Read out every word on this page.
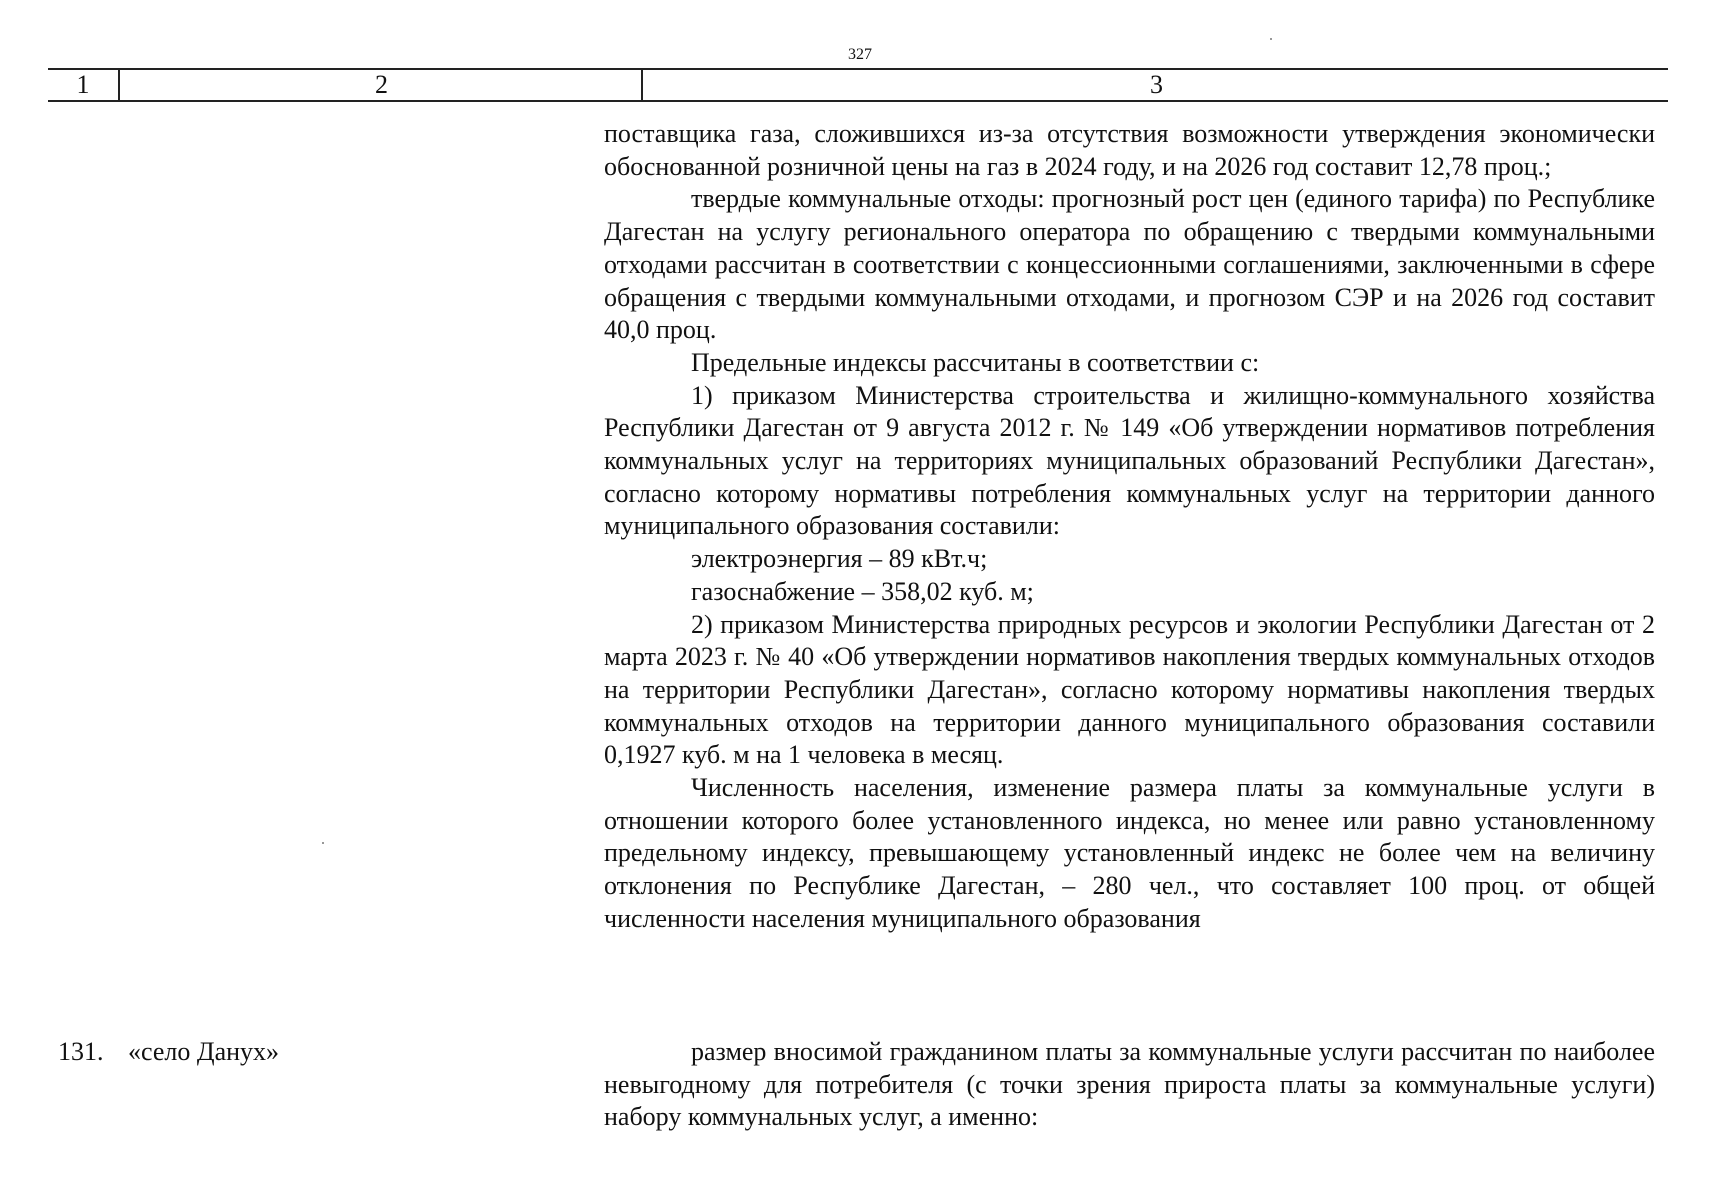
327
1	2	3

поставщика газа, сложившихся из-за отсутствия возможности утверждения экономически обоснованной розничной цены на газ в 2024 году, и на 2026 год составит 12,78 проц.;

твердые коммунальные отходы: прогнозный рост цен (единого тарифа) по Республике Дагестан на услугу регионального оператора по обращению с твердыми коммунальными отходами рассчитан в соответствии с концессионными соглашениями, заключенными в сфере обращения с твердыми коммунальными отходами, и прогнозом СЭР и на 2026 год составит 40,0 проц.

Предельные индексы рассчитаны в соответствии с:

1) приказом Министерства строительства и жилищно-коммунального хозяйства Республики Дагестан от 9 августа 2012 г. № 149 «Об утверждении нормативов потребления коммунальных услуг на территориях муниципальных образований Республики Дагестан», согласно которому нормативы потребления коммунальных услуг на территории данного муниципального образования составили:

электроэнергия – 89 кВт.ч;

газоснабжение – 358,02 куб. м;

2) приказом Министерства природных ресурсов и экологии Республики Дагестан от 2 марта 2023 г. № 40 «Об утверждении нормативов накопления твердых коммунальных отходов на территории Республики Дагестан», согласно которому нормативы накопления твердых коммунальных отходов на территории данного муниципального образования составили 0,1927 куб. м на 1 человека в месяц.

Численность населения, изменение размера платы за коммунальные услуги в отношении которого более установленного индекса, но менее или равно установленному предельному индексу, превышающему установленный индекс не более чем на величину отклонения по Республике Дагестан, – 280 чел., что составляет 100 проц. от общей численности населения муниципального образования

131. «село Данух»	размер вносимой гражданином платы за коммунальные услуги рассчитан по наиболее невыгодному для потребителя (с точки зрения прироста платы за коммунальные услуги) набору коммунальных услуг, а именно:
